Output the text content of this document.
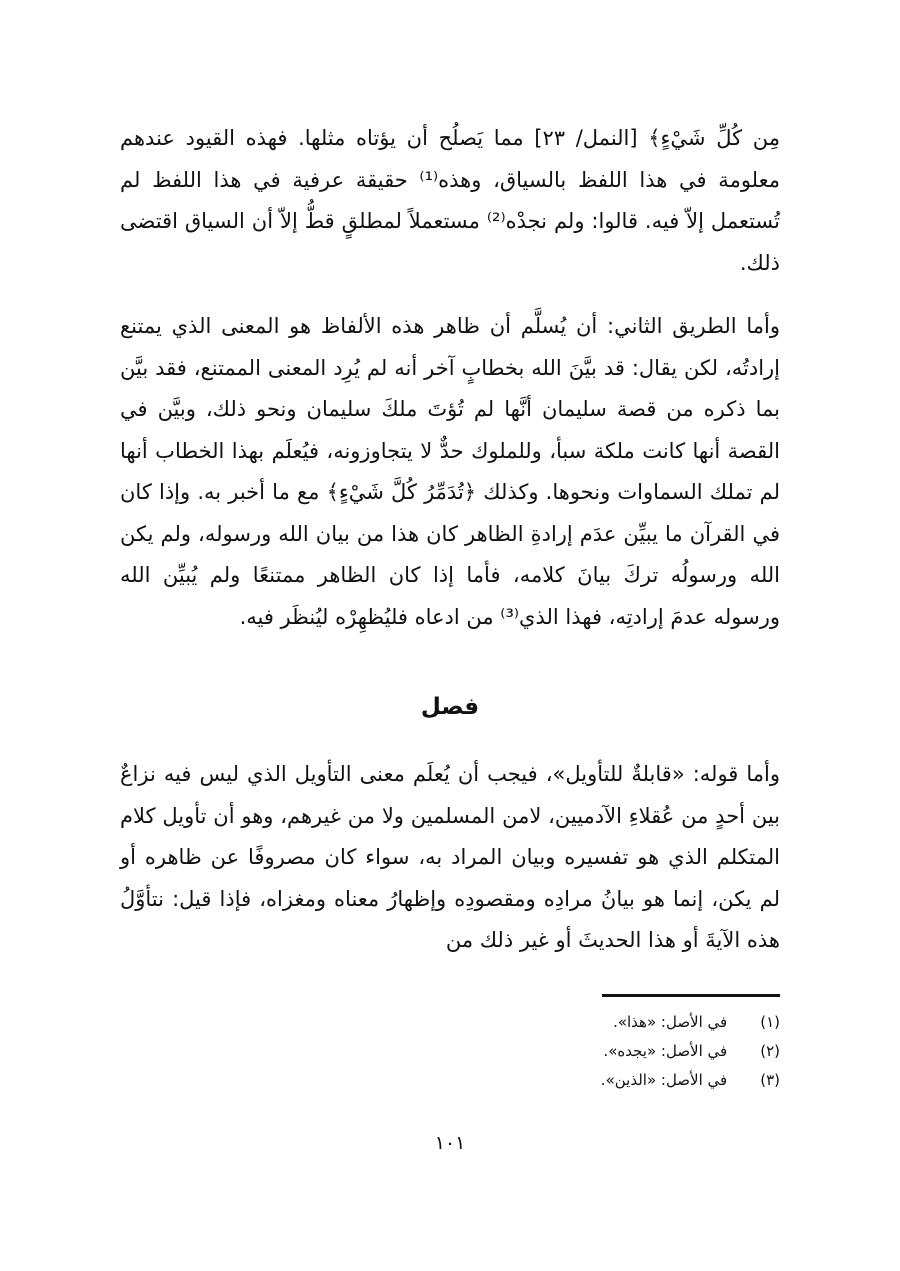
مِن كُلِّ شَيْءٍ﴾ [النمل/ ٢٣] مما يَصلُح أن يؤتاه مثلها. فهذه القيود عندهم معلومة في هذا اللفظ بالسياق، وهذه⁽¹⁾ حقيقة عرفية في هذا اللفظ لم تُستعمل إلاّ فيه. قالوا: ولم نجدْه⁽²⁾ مستعملاً لمطلقٍ قطُّ إلاّ أن السياق اقتضى ذلك.

وأما الطريق الثاني: أن يُسلَّم أن ظاهر هذه الألفاظ هو المعنى الذي يمتنع إرادتُه، لكن يقال: قد بيَّنَ الله بخطابٍ آخر أنه لم يُرِد المعنى الممتنع، فقد بيَّن بما ذكره من قصة سليمان أنَّها لم تُؤتَ ملكَ سليمان ونحو ذلك، وبيَّن في القصة أنها كانت ملكة سبأ، وللملوك حدٌّ لا يتجاوزونه، فيُعلَم بهذا الخطاب أنها لم تملك السماوات ونحوها. وكذلك ﴿تُدَمِّرُ كُلَّ شَيْءٍ﴾ مع ما أخبر به. وإذا كان في القرآن ما يبيِّن عدَم إرادةِ الظاهر كان هذا من بيان الله ورسوله، ولم يكن الله ورسولُه تركَ بيانَ كلامه، فأما إذا كان الظاهر ممتنعًا ولم يُبيِّن الله ورسوله عدمَ إرادتِه، فهذا الذي⁽³⁾ من ادعاه فليُظهِرْه ليُنظَر فيه.

فصل

وأما قوله: «قابلةٌ للتأويل»، فيجب أن يُعلَم معنى التأويل الذي ليس فيه نزاعٌ بين أحدٍ من عُقلاءِ الآدميين، لامن المسلمين ولا من غيرهم، وهو أن تأويل كلام المتكلم الذي هو تفسيره وبيان المراد به، سواء كان مصروفًا عن ظاهره أو لم يكن، إنما هو بيانُ مرادِه ومقصودِه وإظهارُ معناه ومغزاه، فإذا قيل: نتأوَّلُ هذه الآيةَ أو هذا الحديثَ أو غير ذلك من

(١) في الأصل: «هذا».
(٢) في الأصل: «يجده».
(٣) في الأصل: «الذين».
١٠١
